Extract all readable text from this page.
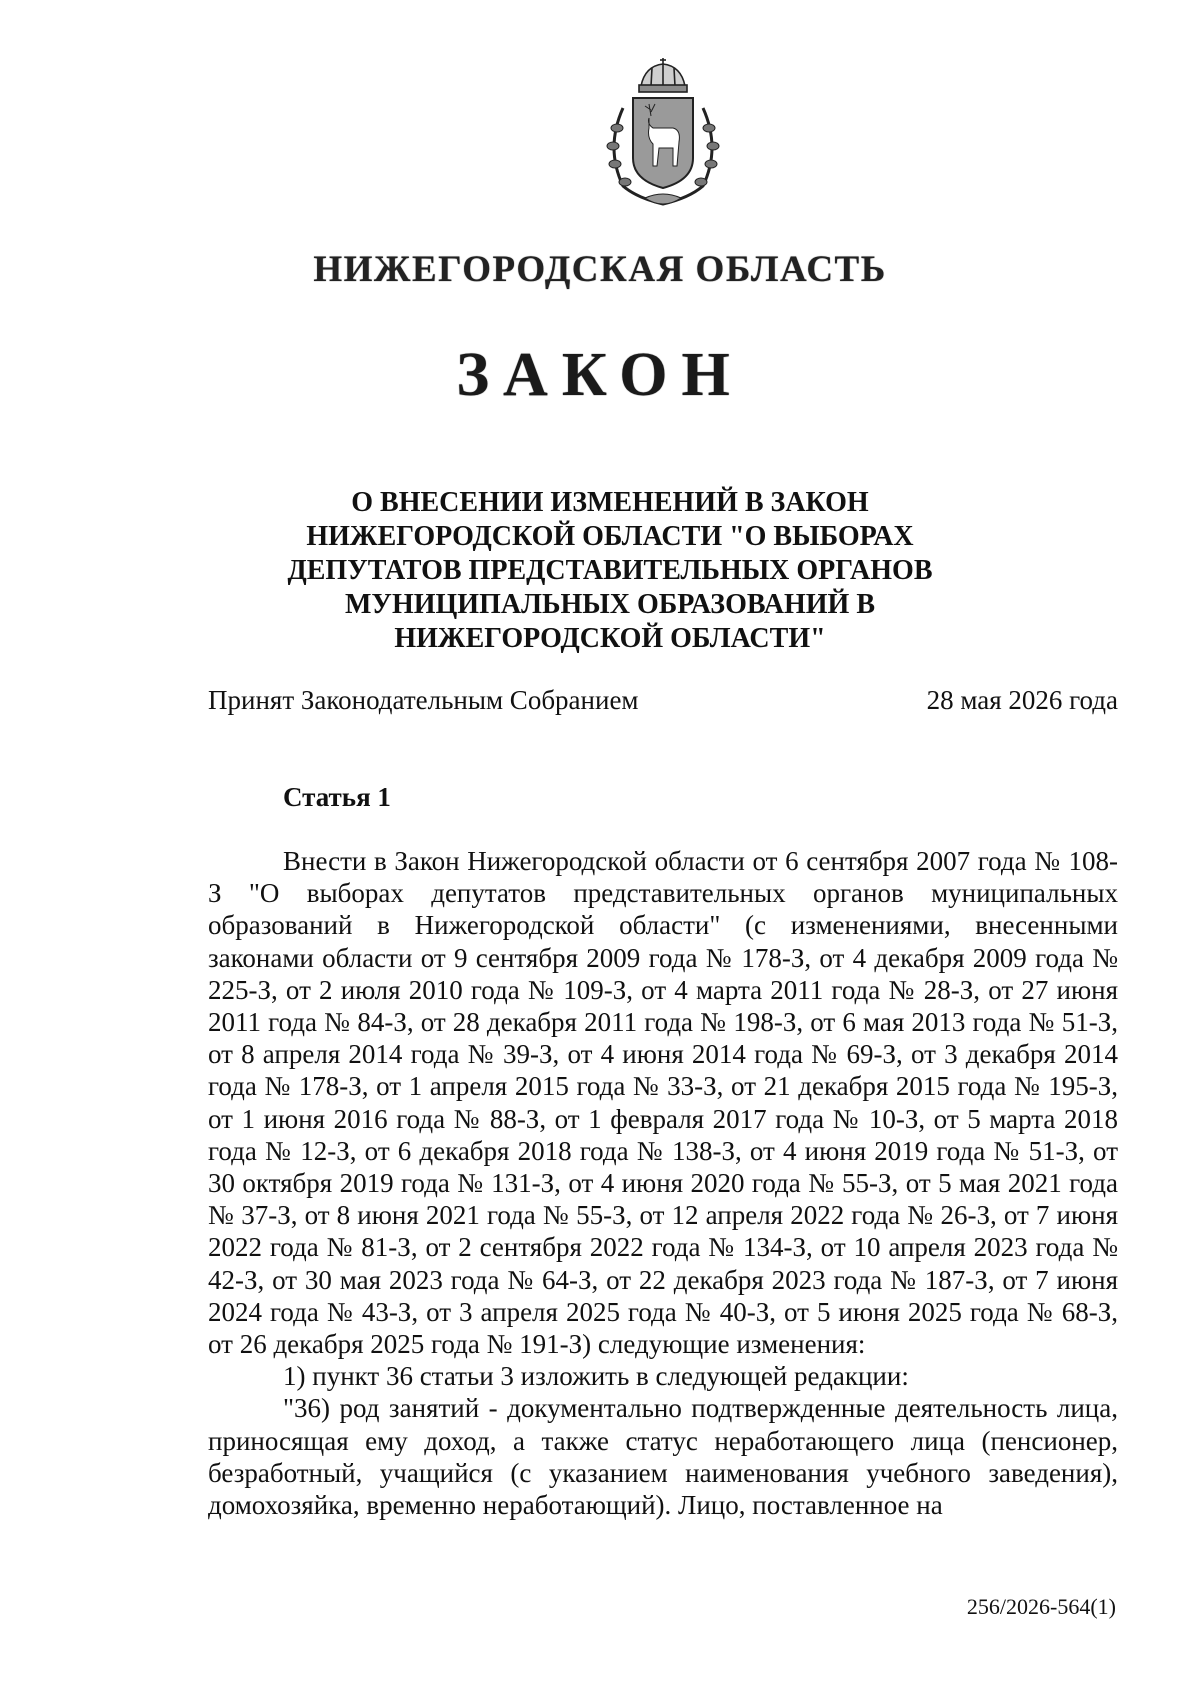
НИЖЕГОРОДСКАЯ ОБЛАСТЬ
ЗАКОН
О ВНЕСЕНИИ ИЗМЕНЕНИЙ В ЗАКОН НИЖЕГОРОДСКОЙ ОБЛАСТИ "О ВЫБОРАХ ДЕПУТАТОВ ПРЕДСТАВИТЕЛЬНЫХ ОРГАНОВ МУНИЦИПАЛЬНЫХ ОБРАЗОВАНИЙ В НИЖЕГОРОДСКОЙ ОБЛАСТИ"
Принят Законодательным Собранием	28 мая 2026 года
Статья 1

Внести в Закон Нижегородской области от 6 сентября 2007 года № 108-З "О выборах депутатов представительных органов муниципальных образований в Нижегородской области" (с изменениями, внесенными законами области от 9 сентября 2009 года № 178-З, от 4 декабря 2009 года № 225-З, от 2 июля 2010 года № 109-З, от 4 марта 2011 года № 28-З, от 27 июня 2011 года № 84-З, от 28 декабря 2011 года № 198-З, от 6 мая 2013 года № 51-З, от 8 апреля 2014 года № 39-З, от 4 июня 2014 года № 69-З, от 3 декабря 2014 года № 178-З, от 1 апреля 2015 года № 33-З, от 21 декабря 2015 года № 195-З, от 1 июня 2016 года № 88-З, от 1 февраля 2017 года № 10-З, от 5 марта 2018 года № 12-З, от 6 декабря 2018 года № 138-З, от 4 июня 2019 года № 51-З, от 30 октября 2019 года № 131-З, от 4 июня 2020 года № 55-З, от 5 мая 2021 года № 37-З, от 8 июня 2021 года № 55-З, от 12 апреля 2022 года № 26-З, от 7 июня 2022 года № 81-З, от 2 сентября 2022 года № 134-З, от 10 апреля 2023 года № 42-З, от 30 мая 2023 года № 64-З, от 22 декабря 2023 года № 187-З, от 7 июня 2024 года № 43-З, от 3 апреля 2025 года № 40-З, от 5 июня 2025 года № 68-З, от 26 декабря 2025 года № 191-З) следующие изменения:

1) пункт 36 статьи 3 изложить в следующей редакции:

"36) род занятий - документально подтвержденные деятельность лица, приносящая ему доход, а также статус неработающего лица (пенсионер, безработный, учащийся (с указанием наименования учебного заведения), домохозяйка, временно неработающий). Лицо, поставленное на

256/2026-564(1)
